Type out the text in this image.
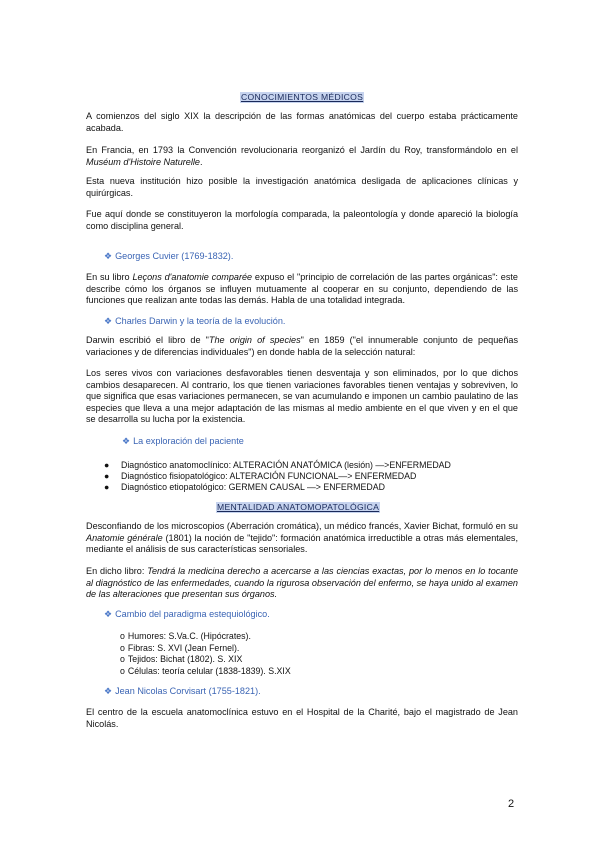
CONOCIMIENTOS MÉDICOS

A comienzos del siglo XIX la descripción de las formas anatómicas del cuerpo estaba prácticamente acabada.

En Francia, en 1793 la Convención revolucionaria reorganizó el Jardín du Roy, transformándolo en el Muséum d'Histoire Naturelle.

Esta nueva institución hizo posible la investigación anatómica desligada de aplicaciones clínicas y quirúrgicas.

Fue aquí donde se constituyeron la morfología comparada, la paleontología y donde apareció la biología como disciplina general.

❖ Georges Cuvier (1769-1832).

En su libro Leçons d'anatomie comparée expuso el "principio de correlación de las partes orgánicas": este describe cómo los órganos se influyen mutuamente al cooperar en su conjunto, dependiendo de las funciones que realizan ante todas las demás. Habla de una totalidad integrada.

❖ Charles Darwin y la teoría de la evolución.

Darwin escribió el libro de "The origin of species" en 1859 ("el innumerable conjunto de pequeñas variaciones y de diferencias individuales") en donde habla de la selección natural:

Los seres vivos con variaciones desfavorables tienen desventaja y son eliminados, por lo que dichos cambios desaparecen. Al contrario, los que tienen variaciones favorables tienen ventajas y sobreviven, lo que significa que esas variaciones permanecen, se van acumulando e imponen un cambio paulatino de las especies que lleva a una mejor adaptación de las mismas al medio ambiente en el que viven y en el que se desarrolla su lucha por la existencia.

❖ La exploración del paciente
● Diagnóstico anatomoclínico: ALTERACIÓN ANATÓMICA (lesión) —>ENFERMEDAD
● Diagnóstico fisiopatológico: ALTERACIÓN FUNCIONAL—> ENFERMEDAD
● Diagnóstico etiopatológico: GERMEN CAUSAL —> ENFERMEDAD
MENTALIDAD ANATOMOPATOLÓGICA

Desconfiando de los microscopios (Aberración cromática), un médico francés, Xavier Bichat, formuló en su Anatomie générale (1801) la noción de "tejido": formación anatómica irreductible a otras más elementales, mediante el análisis de sus características sensoriales.

En dicho libro: Tendrá la medicina derecho a acercarse a las ciencias exactas, por lo menos en lo tocante al diagnóstico de las enfermedades, cuando la rigurosa observación del enfermo, se haya unido al examen de las alteraciones que presentan sus órganos.

❖ Cambio del paradigma estequiológico.
o Humores: S.Va.C. (Hipócrates).
o Fibras: S. XVI (Jean Fernel).
o Tejidos: Bichat (1802). S. XIX
o Células: teoría celular (1838-1839). S.XIX
❖ Jean Nicolas Corvisart (1755-1821).

El centro de la escuela anatomoclínica estuvo en el Hospital de la Charité, bajo el magistrado de Jean Nicolás.

2
